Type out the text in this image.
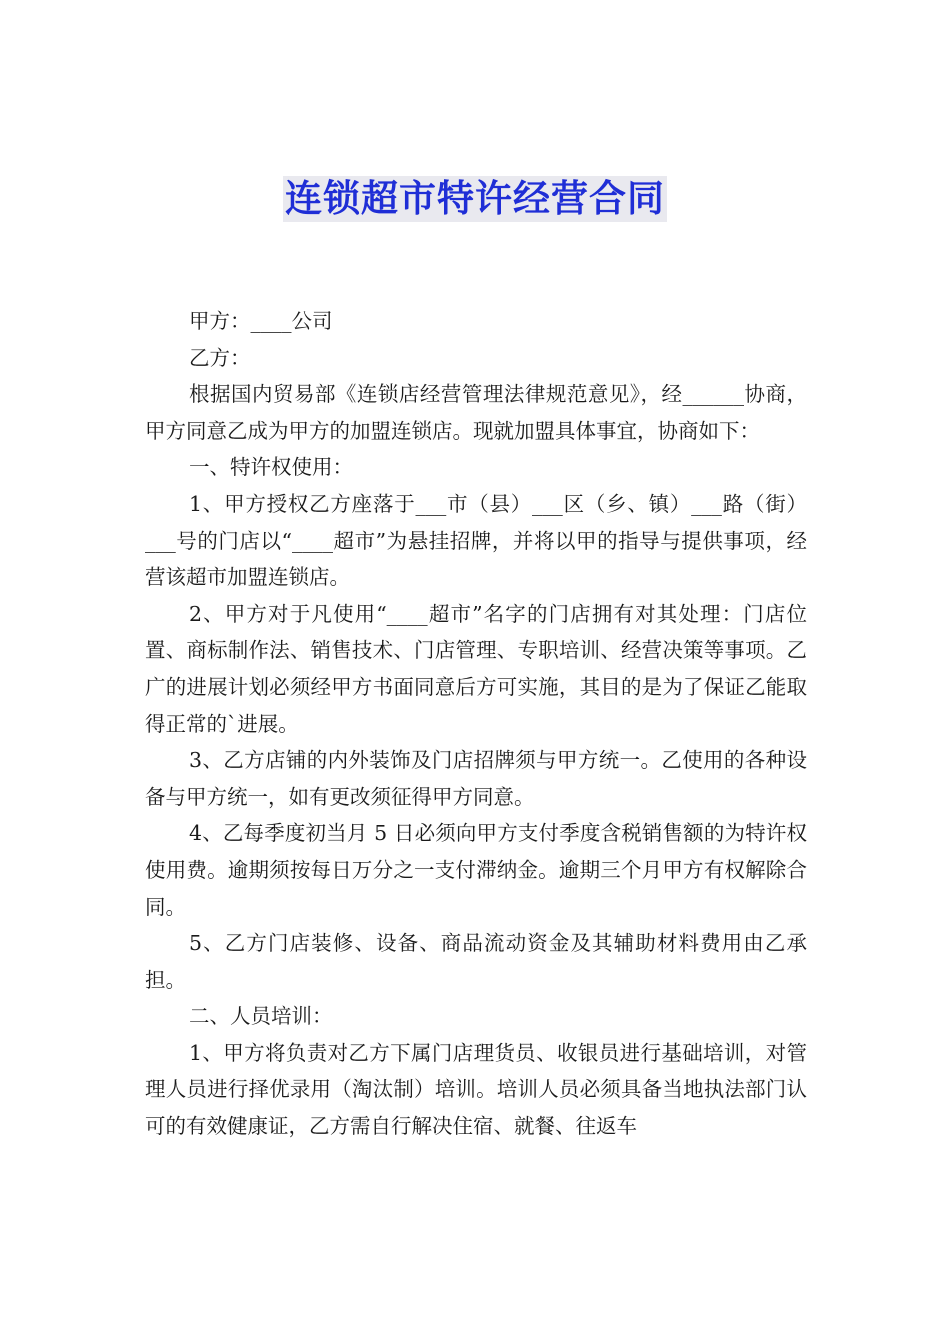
连锁超市特许经营合同

甲方：____公司

乙方：

根据国内贸易部《连锁店经营管理法律规范意见》，经______协商，甲方同意乙成为甲方的加盟连锁店。现就加盟具体事宜，协商如下：

一、特许权使用：

1、甲方授权乙方座落于___市（县）___区（乡、镇）___路（街）___号的门店以“____超市”为悬挂招牌，并将以甲的指导与提供事项，经营该超市加盟连锁店。

2、甲方对于凡使用“____超市”名字的门店拥有对其处理：门店位置、商标制作法、销售技术、门店管理、专职培训、经营决策等事项。乙广的进展计划必须经甲方书面同意后方可实施，其目的是为了保证乙能取得正常的`进展。

3、乙方店铺的内外装饰及门店招牌须与甲方统一。乙使用的各种设备与甲方统一，如有更改须征得甲方同意。

4、乙每季度初当月 5 日必须向甲方支付季度含税销售额的为特许权使用费。逾期须按每日万分之一支付滞纳金。逾期三个月甲方有权解除合同。

5、乙方门店装修、设备、商品流动资金及其辅助材料费用由乙承担。

二、人员培训：

1、甲方将负责对乙方下属门店理货员、收银员进行基础培训，对管理人员进行择优录用（淘汰制）培训。培训人员必须具备当地执法部门认可的有效健康证，乙方需自行解决住宿、就餐、往返车
